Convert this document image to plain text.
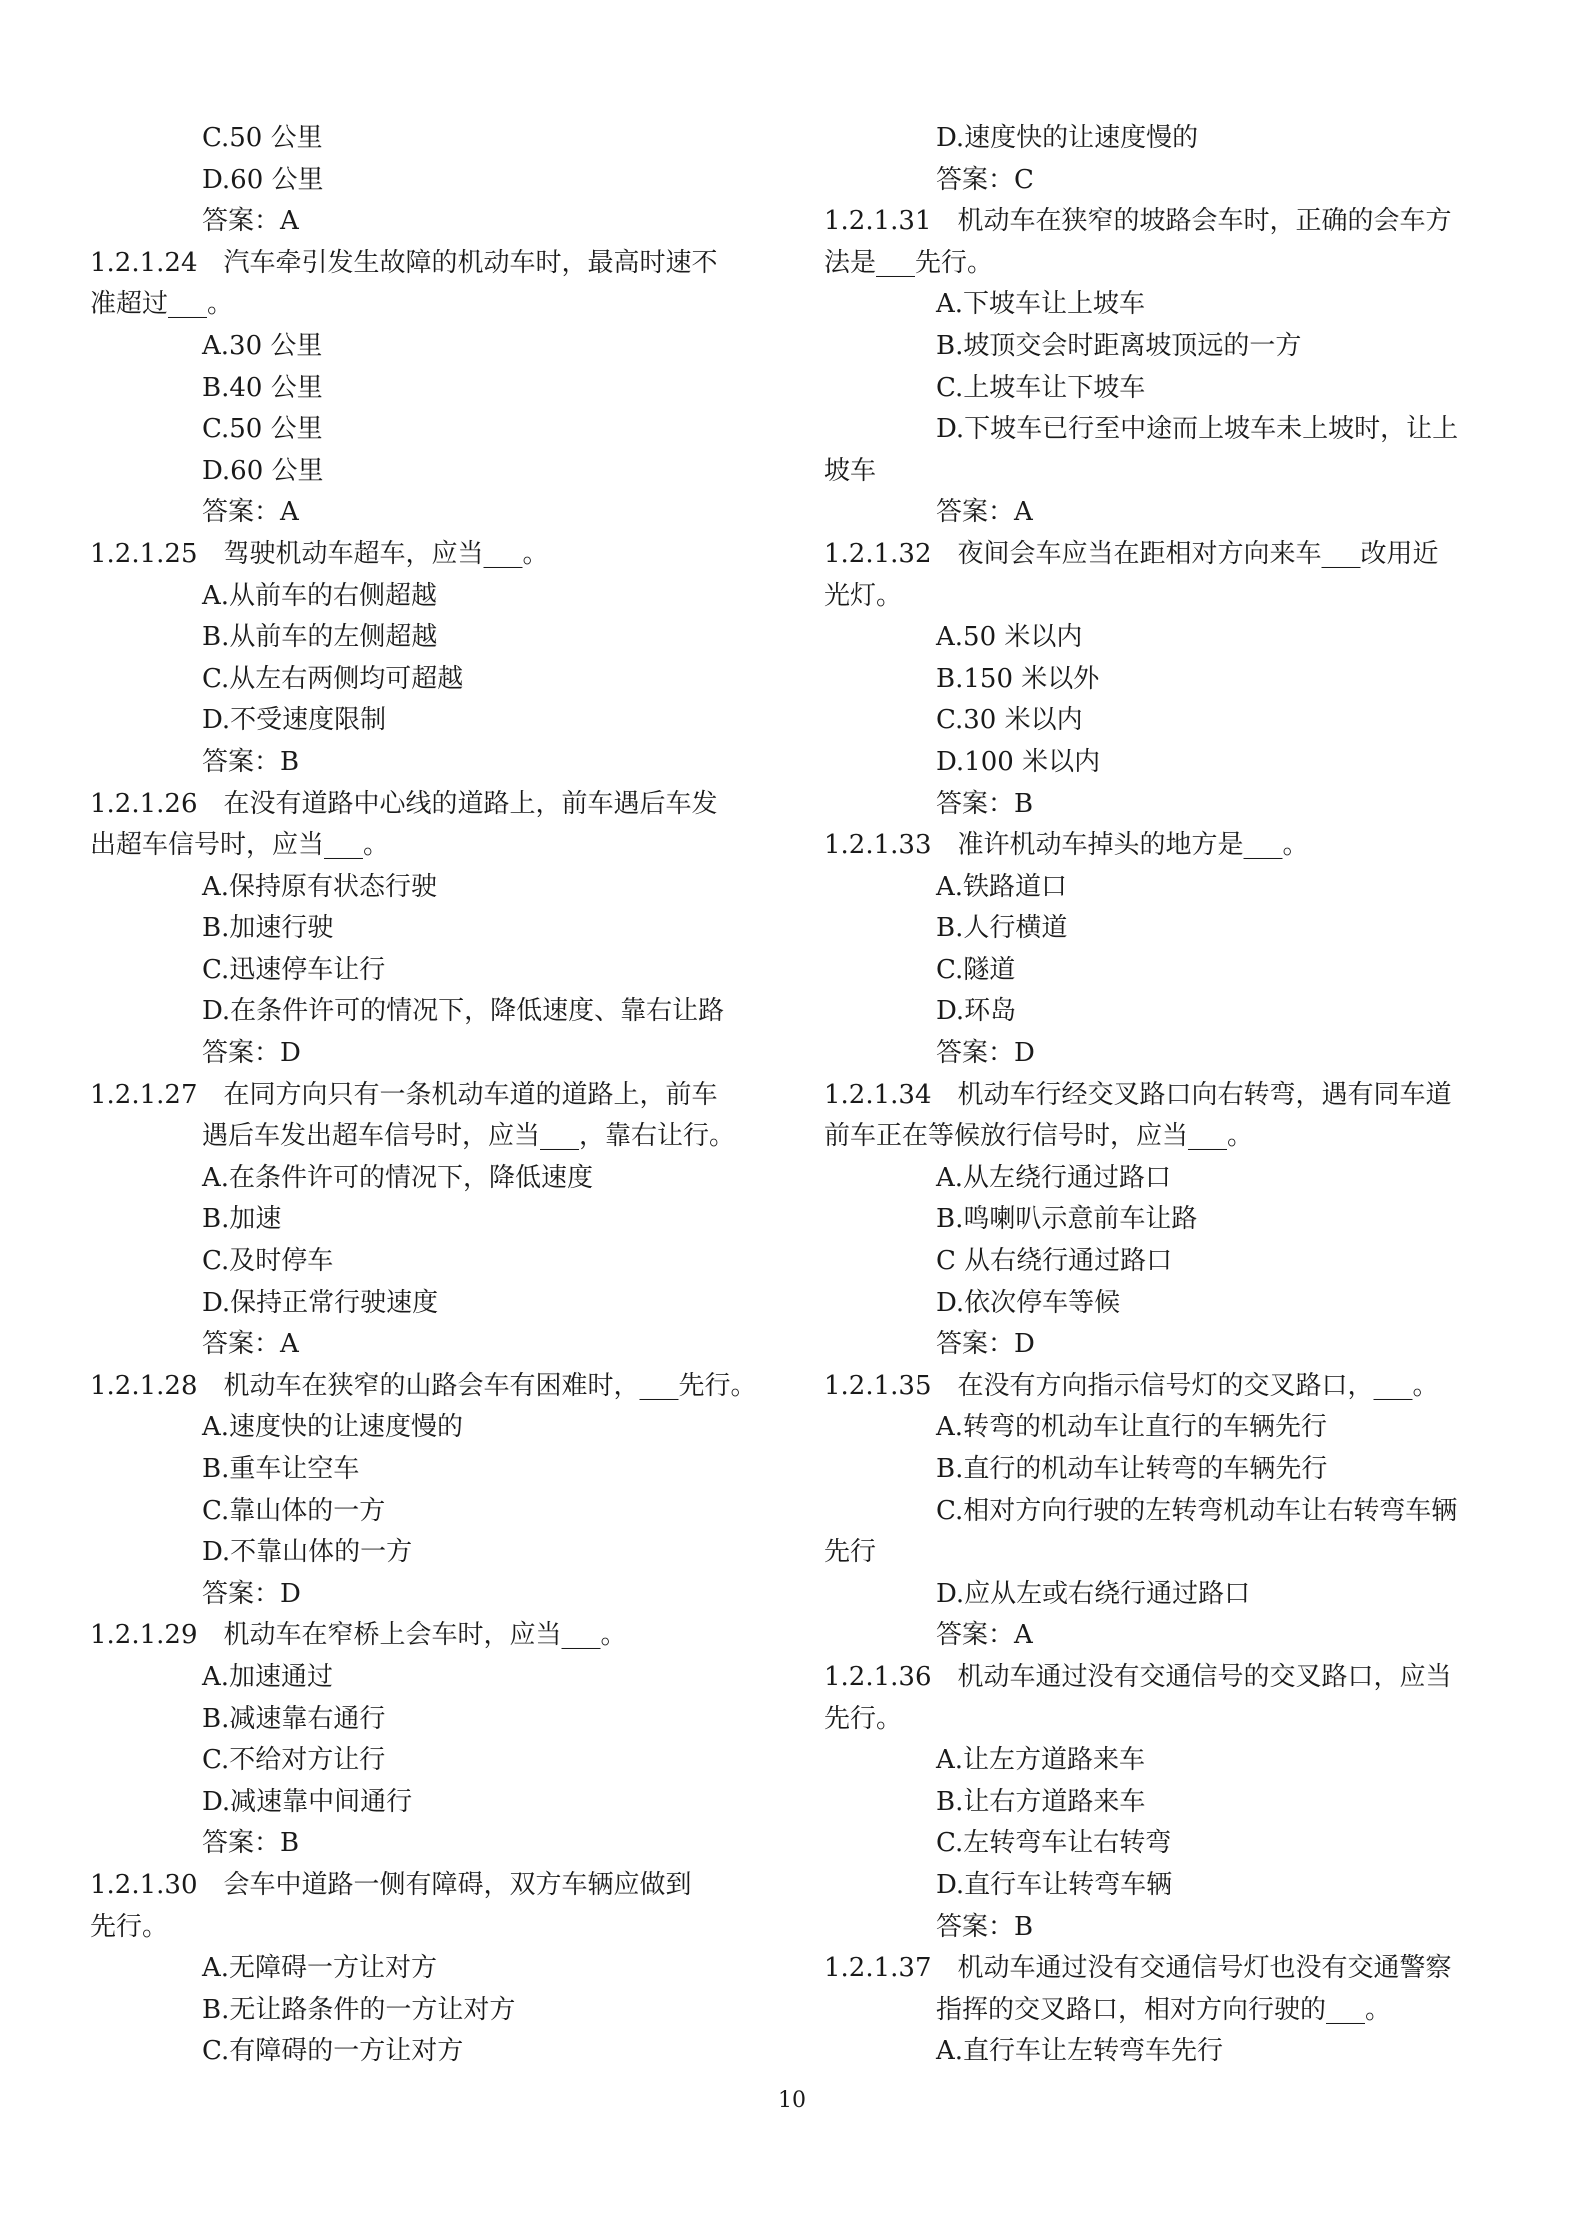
C.50 公里
D.60 公里
答案：A
1.2.1.24　汽车牵引发生故障的机动车时，最高时速不
准超过___。
A.30 公里
B.40 公里
C.50 公里
D.60 公里
答案：A
1.2.1.25　驾驶机动车超车，应当___。
A.从前车的右侧超越
B.从前车的左侧超越
C.从左右两侧均可超越
D.不受速度限制
答案：B
1.2.1.26　在没有道路中心线的道路上，前车遇后车发
出超车信号时，应当___。
A.保持原有状态行驶
B.加速行驶
C.迅速停车让行
D.在条件许可的情况下，降低速度、靠右让路
答案：D
1.2.1.27　在同方向只有一条机动车道的道路上，前车
遇后车发出超车信号时，应当___，靠右让行。
A.在条件许可的情况下，降低速度
B.加速
C.及时停车
D.保持正常行驶速度
答案：A
1.2.1.28　机动车在狭窄的山路会车有困难时，___先行。
A.速度快的让速度慢的
B.重车让空车
C.靠山体的一方
D.不靠山体的一方
答案：D
1.2.1.29　机动车在窄桥上会车时，应当___。
A.加速通过
B.减速靠右通行
C.不给对方让行
D.减速靠中间通行
答案：B
1.2.1.30　会车中道路一侧有障碍，双方车辆应做到
先行。
A.无障碍一方让对方
B.无让路条件的一方让对方
C.有障碍的一方让对方
D.速度快的让速度慢的
答案：C
1.2.1.31　机动车在狭窄的坡路会车时，正确的会车方
法是___先行。
A.下坡车让上坡车
B.坡顶交会时距离坡顶远的一方
C.上坡车让下坡车
D.下坡车已行至中途而上坡车未上坡时，让上
坡车
答案：A
1.2.1.32　夜间会车应当在距相对方向来车___改用近
光灯。
A.50 米以内
B.150 米以外
C.30 米以内
D.100 米以内
答案：B
1.2.1.33　准许机动车掉头的地方是___。
A.铁路道口
B.人行横道
C.隧道
D.环岛
答案：D
1.2.1.34　机动车行经交叉路口向右转弯，遇有同车道
前车正在等候放行信号时，应当___。
A.从左绕行通过路口
B.鸣喇叭示意前车让路
C 从右绕行通过路口
D.依次停车等候
答案：D
1.2.1.35　在没有方向指示信号灯的交叉路口，___。
A.转弯的机动车让直行的车辆先行
B.直行的机动车让转弯的车辆先行
C.相对方向行驶的左转弯机动车让右转弯车辆
先行
D.应从左或右绕行通过路口
答案：A
1.2.1.36　机动车通过没有交通信号的交叉路口，应当
先行。
A.让左方道路来车
B.让右方道路来车
C.左转弯车让右转弯
D.直行车让转弯车辆
答案：B
1.2.1.37　机动车通过没有交通信号灯也没有交通警察
指挥的交叉路口，相对方向行驶的___。
A.直行车让左转弯车先行
10
